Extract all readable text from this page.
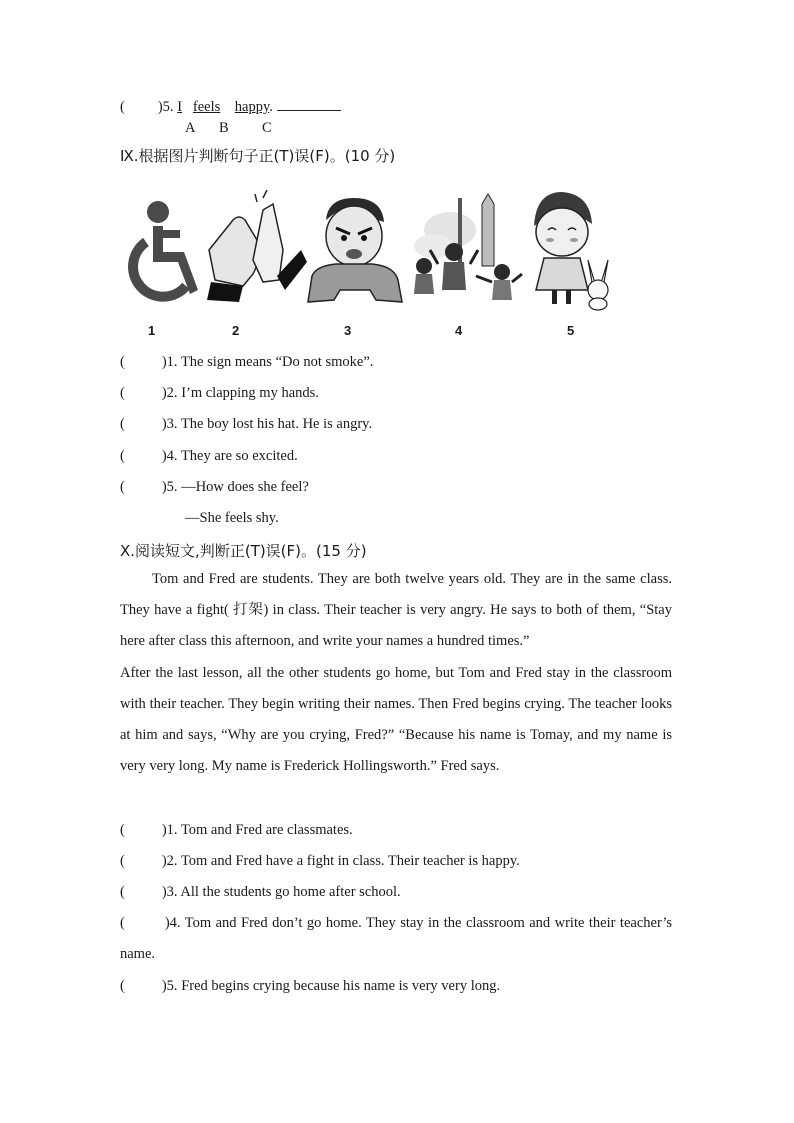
( )5. I feels happy.
A B C
Ⅸ.根据图片判断句子正(T)误(F)。(10 分)
1	2	3	4	5
(	)1. The sign means “Do not smoke”.
(	)2. I’m clapping my hands.
(	)3. The boy lost his hat. He is angry.
(	)4. They are so excited.
(	)5. —How does she feel?
—She feels shy.
Ⅹ.阅读短文,判断正(T)误(F)。(15 分)

Tom and Fred are students. They are both twelve years old. They are in the same class. They have a fight( 打架) in class. Their teacher is very angry. He says to both of them, “Stay here after class this afternoon, and write your names a hundred times.”

After the last lesson, all the other students go home, but Tom and Fred stay in the classroom with their teacher. They begin writing their names. Then Fred begins crying. The teacher looks at him and says, “Why are you crying, Fred?” “Because his name is Tomay, and my name is very very long. My name is Frederick Hollingsworth.” Fred says.

(	)1. Tom and Fred are classmates.
(	)2. Tom and Fred have a fight in class. Their teacher is happy.
(	)3. All the students go home after school.
(	)4. Tom and Fred don’t go home. They stay in the classroom and write their teacher’s name.
(	)5. Fred begins crying because his name is very very long.
